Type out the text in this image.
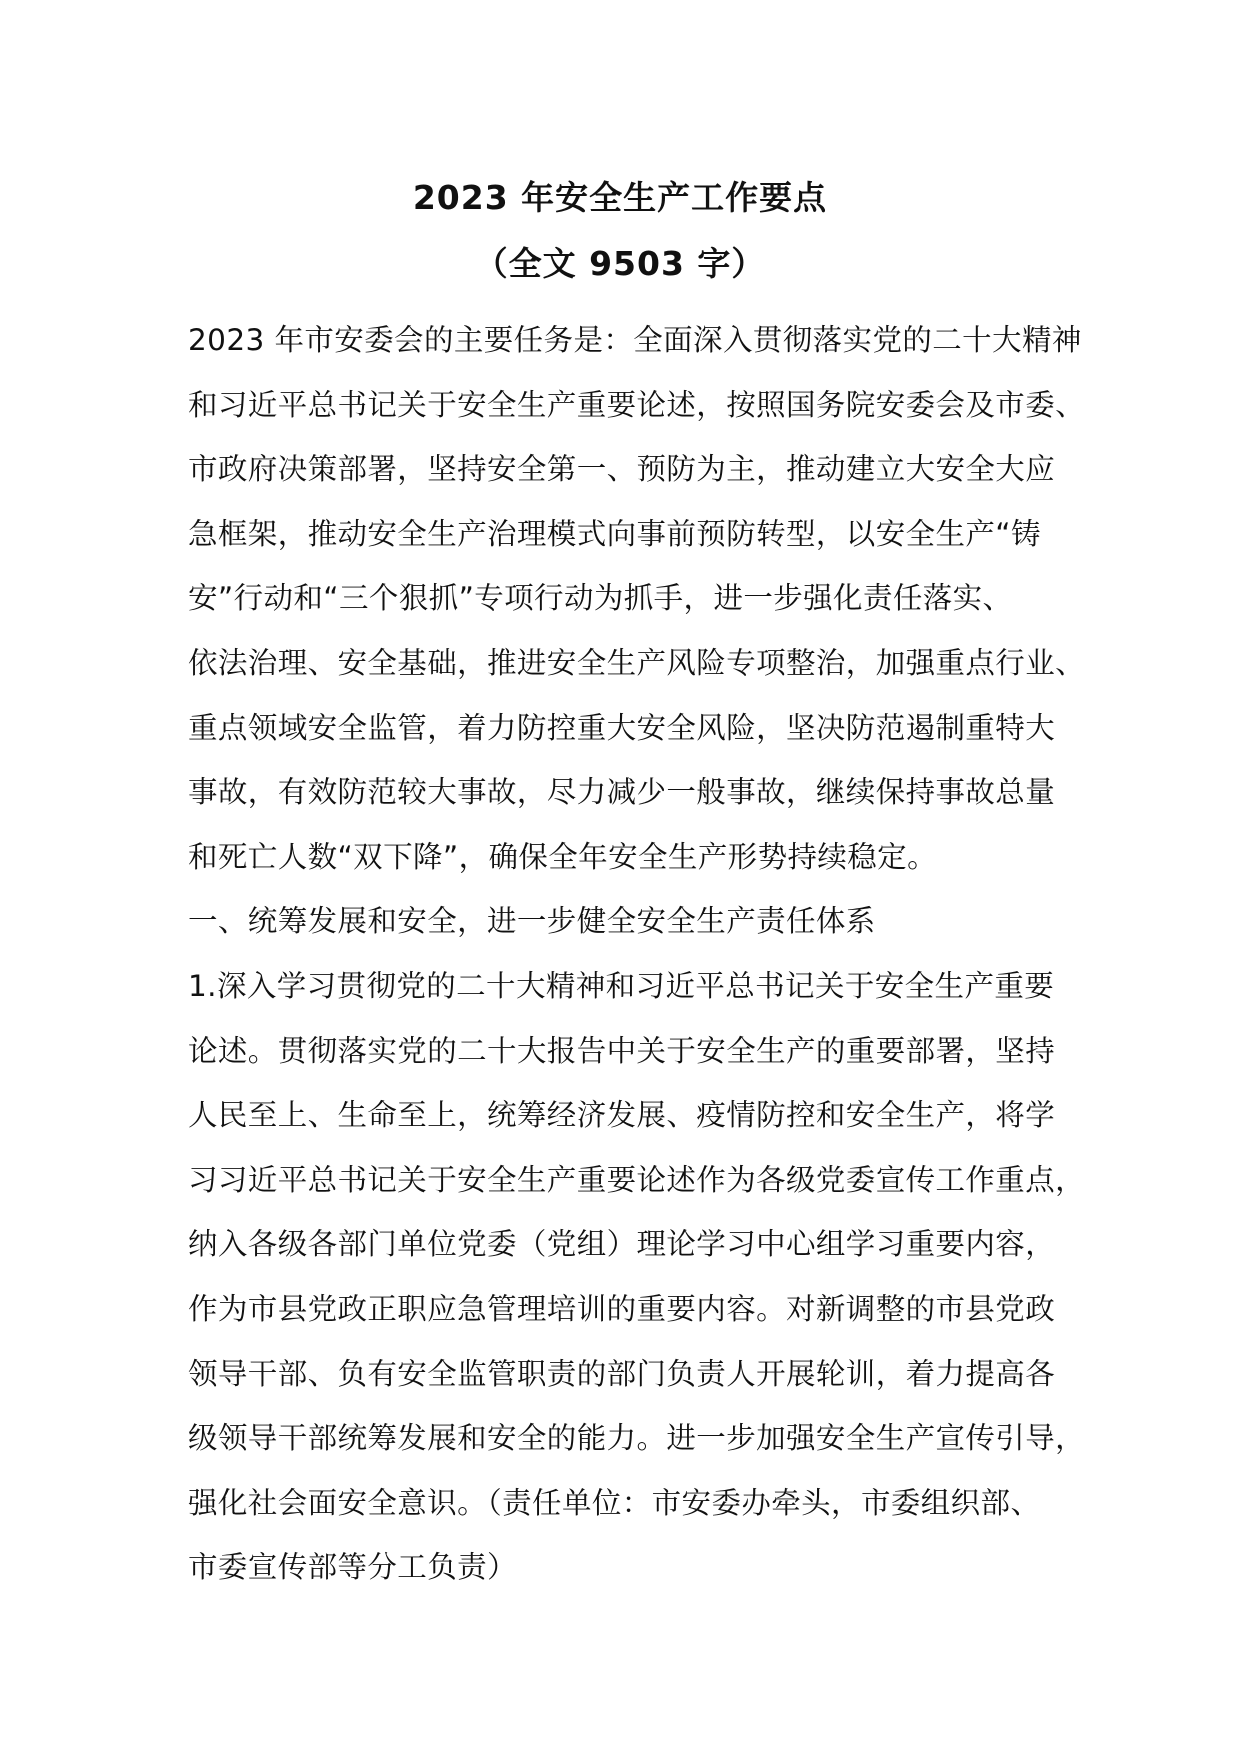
2023 年安全生产工作要点
（全文 9503 字）
2023 年市安委会的主要任务是：全面深入贯彻落实党的二十大精神
和习近平总书记关于安全生产重要论述，按照国务院安委会及市委、
市政府决策部署，坚持安全第一、预防为主，推动建立大安全大应
急框架，推动安全生产治理模式向事前预防转型，以安全生产“铸
安”行动和“三个狠抓”专项行动为抓手，进一步强化责任落实、
依法治理、安全基础，推进安全生产风险专项整治，加强重点行业、
重点领域安全监管，着力防控重大安全风险，坚决防范遏制重特大
事故，有效防范较大事故，尽力减少一般事故，继续保持事故总量
和死亡人数“双下降”，确保全年安全生产形势持续稳定。
一、统筹发展和安全，进一步健全安全生产责任体系
1.深入学习贯彻党的二十大精神和习近平总书记关于安全生产重要
论述。贯彻落实党的二十大报告中关于安全生产的重要部署，坚持
人民至上、生命至上，统筹经济发展、疫情防控和安全生产，将学
习习近平总书记关于安全生产重要论述作为各级党委宣传工作重点，
纳入各级各部门单位党委（党组）理论学习中心组学习重要内容，
作为市县党政正职应急管理培训的重要内容。对新调整的市县党政
领导干部、负有安全监管职责的部门负责人开展轮训，着力提高各
级领导干部统筹发展和安全的能力。进一步加强安全生产宣传引导，
强化社会面安全意识。（责任单位：市安委办牵头，市委组织部、
市委宣传部等分工负责）
